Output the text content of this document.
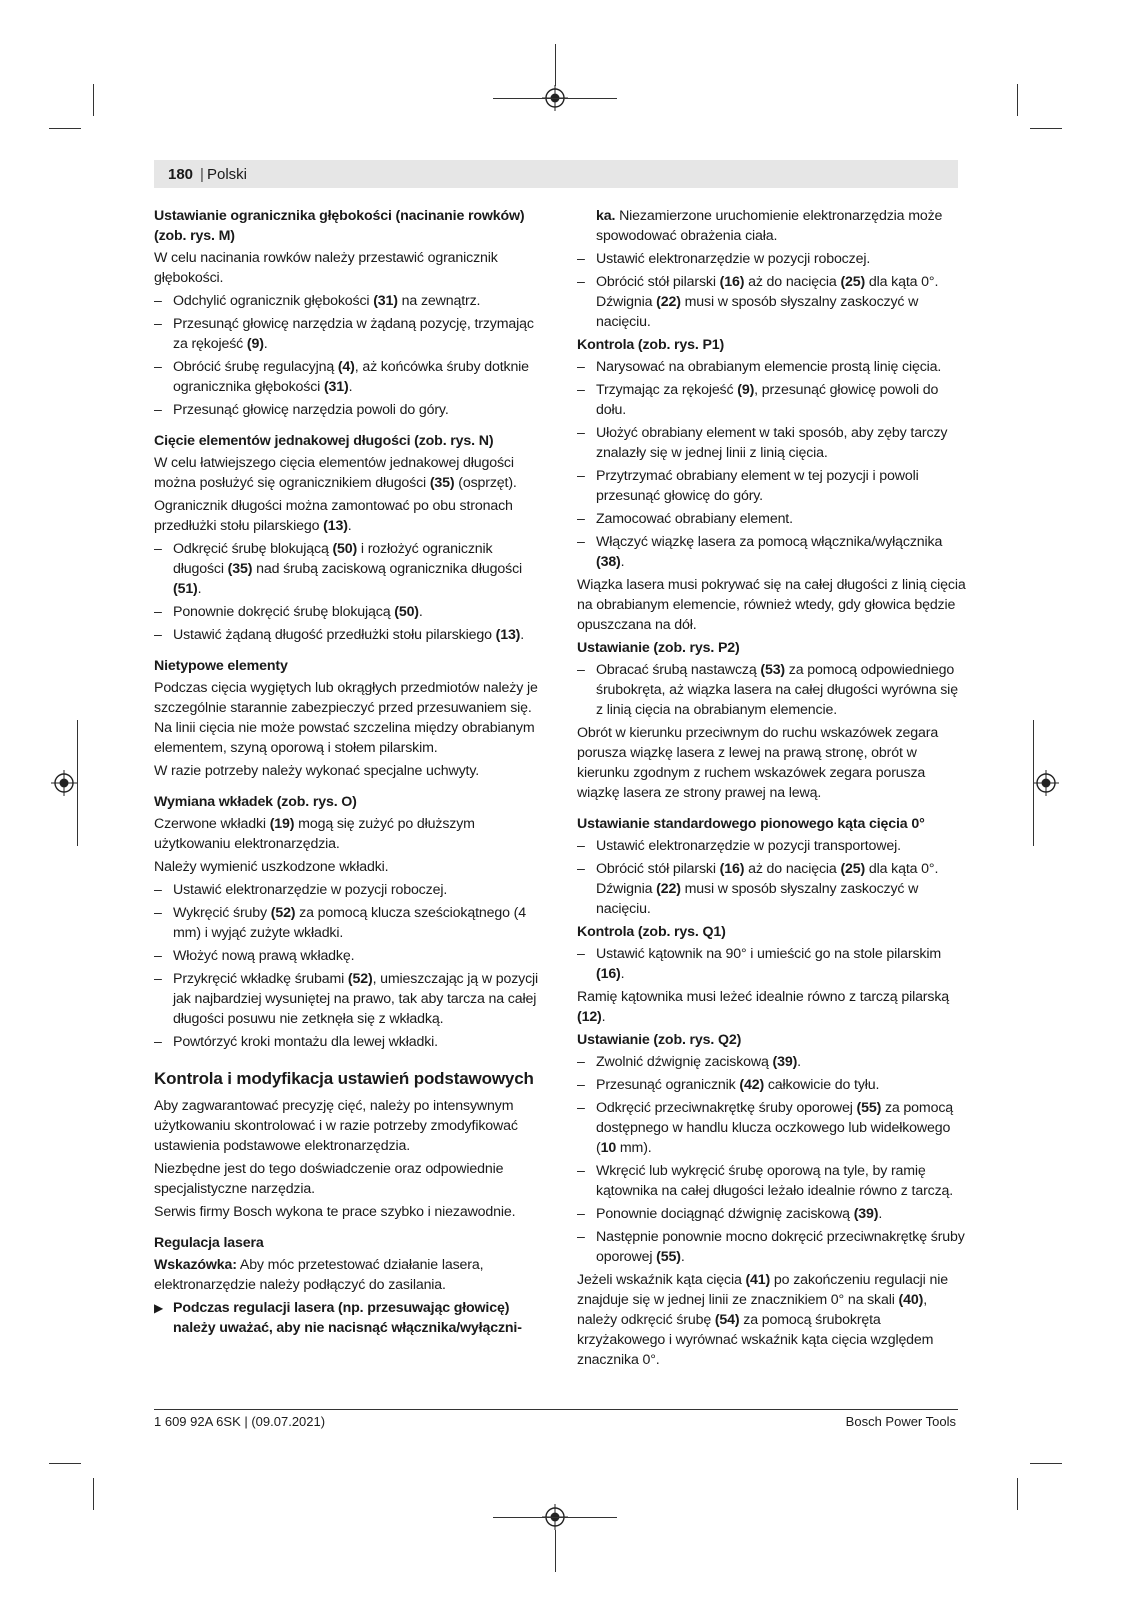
180 | Polski
Ustawianie ogranicznika głębokości (nacinanie rowków) (zob. rys. M)

W celu nacinania rowków należy przestawić ogranicznik głębokości.

– Odchylić ogranicznik głębokości (31) na zewnątrz.
– Przesunąć głowicę narzędzia w żądaną pozycję, trzymając za rękojeść (9).
– Obrócić śrubę regulacyjną (4), aż końcówka śruby dotknie ogranicznika głębokości (31).
– Przesunąć głowicę narzędzia powoli do góry.
Cięcie elementów jednakowej długości (zob. rys. N)

W celu łatwiejszego cięcia elementów jednakowej długości można posłużyć się ogranicznikiem długości (35) (osprzęt).

Ogranicznik długości można zamontować po obu stronach przedłużki stołu pilarskiego (13).

– Odkręcić śrubę blokującą (50) i rozłożyć ogranicznik długości (35) nad śrubą zaciskową ogranicznika długości (51).
– Ponownie dokręcić śrubę blokującą (50).
– Ustawić żądaną długość przedłużki stołu pilarskiego (13).
Nietypowe elementy

Podczas cięcia wygiętych lub okrągłych przedmiotów należy je szczególnie starannie zabezpieczyć przed przesuwaniem się. Na linii cięcia nie może powstać szczelina między obrabianym elementem, szyną oporową i stołem pilarskim.

W razie potrzeby należy wykonać specjalne uchwyty.

Wymiana wkładek (zob. rys. O)

Czerwone wkładki (19) mogą się zużyć po dłuższym użytkowaniu elektronarzędzia.

Należy wymienić uszkodzone wkładki.

– Ustawić elektronarzędzie w pozycji roboczej.
– Wykręcić śruby (52) za pomocą klucza sześciokątnego (4 mm) i wyjąć zużyte wkładki.
– Włożyć nową prawą wkładkę.
– Przykręcić wkładkę śrubami (52), umieszczając ją w pozycji jak najbardziej wysuniętej na prawo, tak aby tarcza na całej długości posuwu nie zetknęła się z wkładką.
– Powtórzyć kroki montażu dla lewej wkładki.
Kontrola i modyfikacja ustawień podstawowych

Aby zagwarantować precyzję cięć, należy po intensywnym użytkowaniu skontrolować i w razie potrzeby zmodyfikować ustawienia podstawowe elektronarzędzia.

Niezbędne jest do tego doświadczenie oraz odpowiednie specjalistyczne narzędzia.

Serwis firmy Bosch wykona te prace szybko i niezawodnie.

Regulacja lasera

Wskazówka: Aby móc przetestować działanie lasera, elektronarzędzie należy podłączyć do zasilania.

▶ Podczas regulacji lasera (np. przesuwając głowicę) należy uważać, aby nie nacisnąć włącznika/wyłączni-
ka. Niezamierzone uruchomienie elektronarzędzia może spowodować obrażenia ciała.
– Ustawić elektronarzędzie w pozycji roboczej.
– Obrócić stół pilarski (16) aż do nacięcia (25) dla kąta 0°. Dźwignia (22) musi w sposób słyszalny zaskoczyć w nacięciu.
Kontrola (zob. rys. P1)
– Narysować na obrabianym elemencie prostą linię cięcia.
– Trzymając za rękojeść (9), przesunąć głowicę powoli do dołu.
– Ułożyć obrabiany element w taki sposób, aby zęby tarczy znalazły się w jednej linii z linią cięcia.
– Przytrzymać obrabiany element w tej pozycji i powoli przesunąć głowicę do góry.
– Zamocować obrabiany element.
– Włączyć wiązkę lasera za pomocą włącznika/wyłącznika (38).

Wiązka lasera musi pokrywać się na całej długości z linią cięcia na obrabianym elemencie, również wtedy, gdy głowica będzie opuszczana na dół.

Ustawianie (zob. rys. P2)
– Obracać śrubą nastawczą (53) za pomocą odpowiedniego śrubokręta, aż wiązka lasera na całej długości wyrówna się z linią cięcia na obrabianym elemencie.

Obrót w kierunku przeciwnym do ruchu wskazówek zegara porusza wiązkę lasera z lewej na prawą stronę, obrót w kierunku zgodnym z ruchem wskazówek zegara porusza wiązkę lasera ze strony prawej na lewą.

Ustawianie standardowego pionowego kąta cięcia 0°
– Ustawić elektronarzędzie w pozycji transportowej.
– Obrócić stół pilarski (16) aż do nacięcia (25) dla kąta 0°. Dźwignia (22) musi w sposób słyszalny zaskoczyć w nacięciu.
Kontrola (zob. rys. Q1)
– Ustawić kątownik na 90° i umieścić go na stole pilarskim (16).

Ramię kątownika musi leżeć idealnie równo z tarczą pilarską (12).

Ustawianie (zob. rys. Q2)
– Zwolnić dźwignię zaciskową (39).
– Przesunąć ogranicznik (42) całkowicie do tyłu.
– Odkręcić przeciwnakrętkę śruby oporowej (55) za pomocą dostępnego w handlu klucza oczkowego lub widełkowego (10 mm).
– Wkręcić lub wykręcić śrubę oporową na tyle, by ramię kątownika na całej długości leżało idealnie równo z tarczą.
– Ponownie dociągnąć dźwignię zaciskową (39).
– Następnie ponownie mocno dokręcić przeciwnakrętkę śruby oporowej (55).

Jeżeli wskaźnik kąta cięcia (41) po zakończeniu regulacji nie znajduje się w jednej linii ze znacznikiem 0° na skali (40), należy odkręcić śrubę (54) za pomocą śrubokręta krzyżakowego i wyrównać wskaźnik kąta cięcia względem znacznika 0°.

1 609 92A 6SK | (09.07.2021)	Bosch Power Tools
